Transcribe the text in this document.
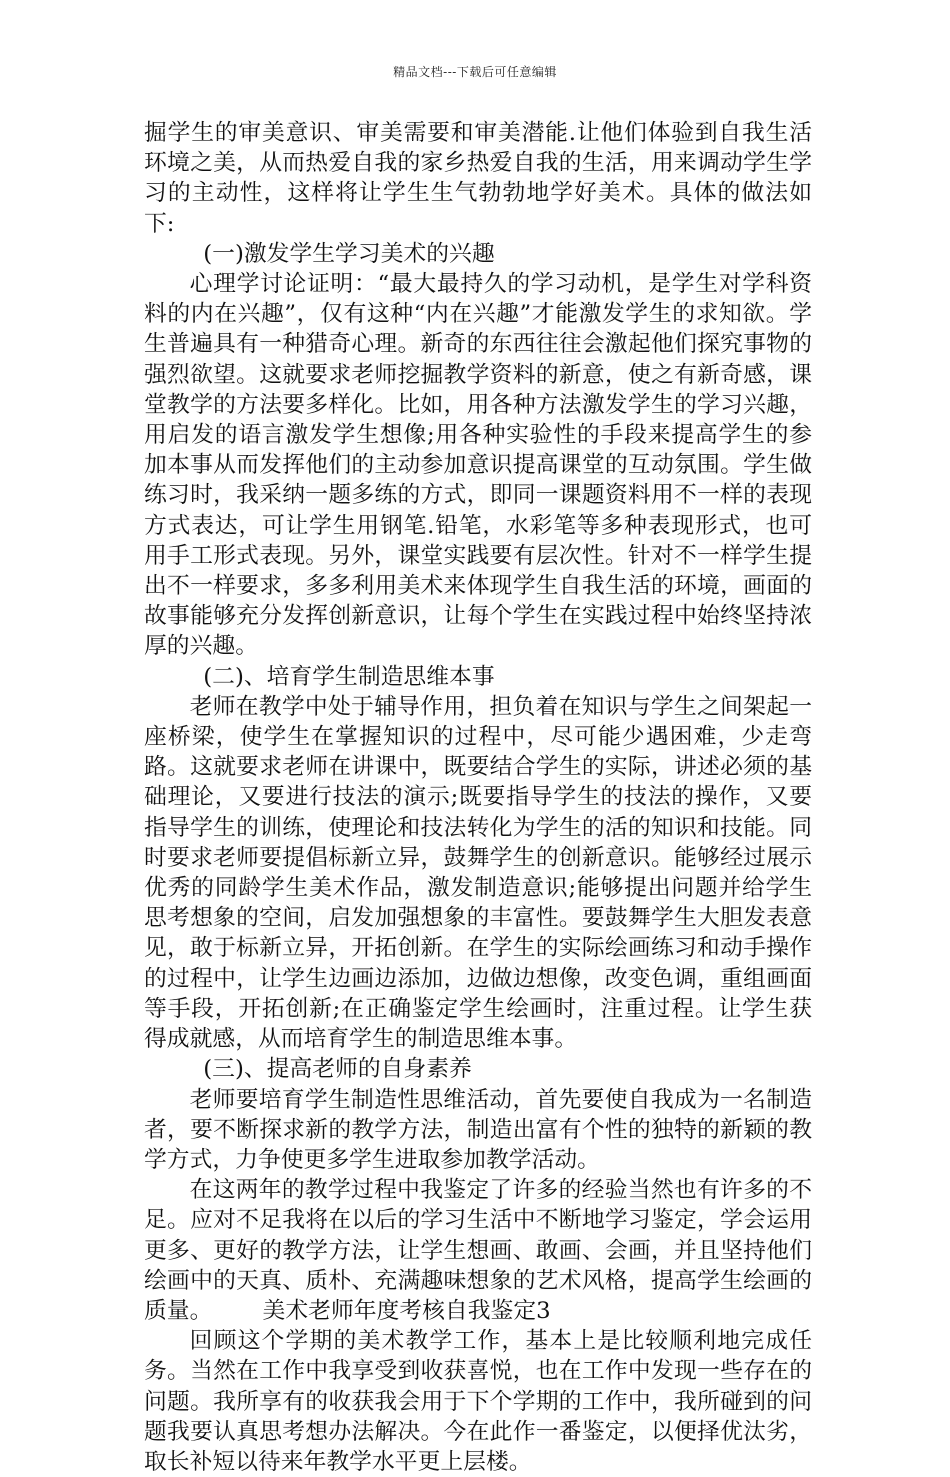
精品文档---下载后可任意编辑

掘学生的审美意识、审美需要和审美潜能.让他们体验到自我生活环境之美，从而热爱自我的家乡热爱自我的生活，用来调动学生学习的主动性，这样将让学生生气勃勃地学好美术。具体的做法如下:

(一)激发学生学习美术的兴趣

心理学讨论证明：“最大最持久的学习动机，是学生对学科资料的内在兴趣”，仅有这种“内在兴趣”才能激发学生的求知欲。学生普遍具有一种猎奇心理。新奇的东西往往会激起他们探究事物的强烈欲望。这就要求老师挖掘教学资料的新意，使之有新奇感，课堂教学的方法要多样化。比如，用各种方法激发学生的学习兴趣，用启发的语言激发学生想像;用各种实验性的手段来提高学生的参加本事从而发挥他们的主动参加意识提高课堂的互动氛围。学生做练习时，我采纳一题多练的方式，即同一课题资料用不一样的表现方式表达，可让学生用钢笔.铅笔，水彩笔等多种表现形式，也可用手工形式表现。另外，课堂实践要有层次性。针对不一样学生提出不一样要求，多多利用美术来体现学生自我生活的环境，画面的故事能够充分发挥创新意识，让每个学生在实践过程中始终坚持浓厚的兴趣。

(二)、培育学生制造思维本事

老师在教学中处于辅导作用，担负着在知识与学生之间架起一座桥梁，使学生在掌握知识的过程中，尽可能少遇困难，少走弯路。这就要求老师在讲课中，既要结合学生的实际，讲述必须的基础理论，又要进行技法的演示;既要指导学生的技法的操作，又要指导学生的训练，使理论和技法转化为学生的活的知识和技能。同时要求老师要提倡标新立异，鼓舞学生的创新意识。能够经过展示优秀的同龄学生美术作品，激发制造意识;能够提出问题并给学生思考想象的空间，启发加强想象的丰富性。要鼓舞学生大胆发表意见，敢于标新立异，开拓创新。在学生的实际绘画练习和动手操作的过程中，让学生边画边添加，边做边想像，改变色调，重组画面等手段，开拓创新;在正确鉴定学生绘画时，注重过程。让学生获得成就感，从而培育学生的制造思维本事。

(三)、提高老师的自身素养

老师要培育学生制造性思维活动，首先要使自我成为一名制造者，要不断探求新的教学方法，制造出富有个性的独特的新颖的教学方式，力争使更多学生进取参加教学活动。

在这两年的教学过程中我鉴定了许多的经验当然也有许多的不足。应对不足我将在以后的学习生活中不断地学习鉴定，学会运用更多、更好的教学方法，让学生想画、敢画、会画，并且坚持他们绘画中的天真、质朴、充满趣味想象的艺术风格，提高学生绘画的质量。 美术老师年度考核自我鉴定3

回顾这个学期的美术教学工作，基本上是比较顺利地完成任务。当然在工作中我享受到收获喜悦，也在工作中发现一些存在的问题。我所享有的收获我会用于下个学期的工作中，我所碰到的问题我要认真思考想办法解决。今在此作一番鉴定，以便择优汰劣，取长补短以待来年教学水平更上层楼。
